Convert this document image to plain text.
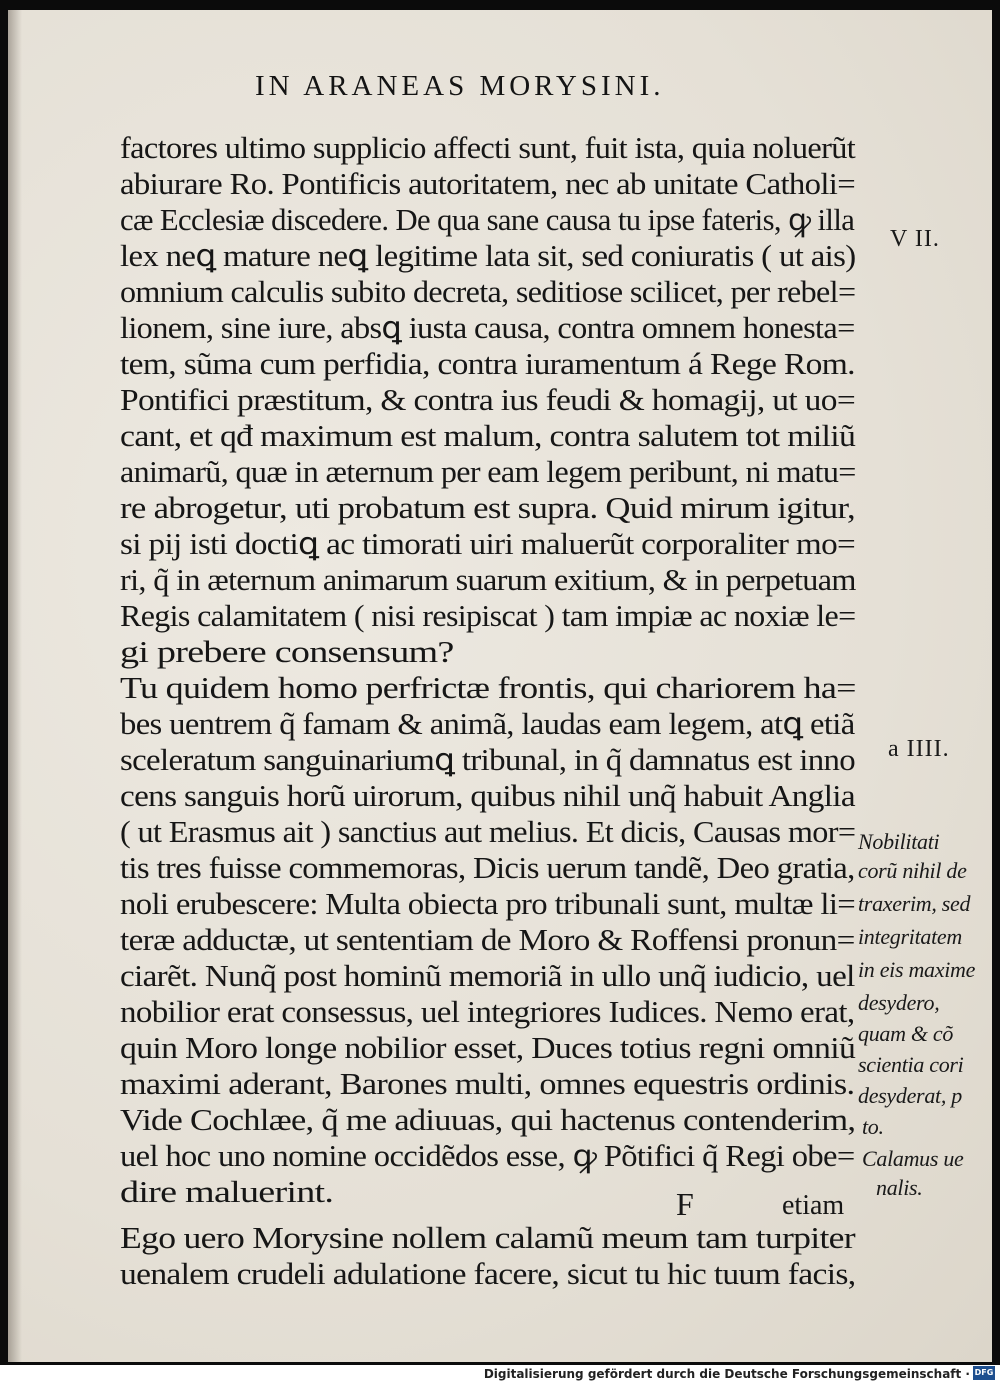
IN ARANEAS MORYSINI.
factores ultimo supplicio affecti sunt, fuit ista, quia noluerũt
abiurare Ro. Pontificis autoritatem, nec ab unitate Catholi=
cæ Ecclesiæ discedere. De qua sane causa tu ipse fateris, ꝙ illa
lex neꝗ mature neꝗ legitime lata sit, sed coniuratis ( ut ais)
omnium calculis subito decreta, seditiose scilicet, per rebel=
lionem, sine iure, absꝗ iusta causa, contra omnem honesta=
tem, sũma cum perfidia, contra iuramentum á Rege Rom.
Pontifici præstitum, & contra ius feudi & homagij, ut uo=
cant, et qđ maximum est malum, contra salutem tot miliũ
animarũ, quæ in æternum per eam legem peribunt, ni matu=
re abrogetur, uti probatum est supra. Quid mirum igitur,
si pij isti doctiꝗ ac timorati uiri maluerũt corporaliter mo=
ri, q̃ in æternum animarum suarum exitium, & in perpetuam
Regis calamitatem ( nisi resipiscat ) tam impiæ ac noxiæ le=
gi prebere consensum?
Tu quidem homo perfrictæ frontis, qui chariorem ha=
bes uentrem q̃ famam & animã, laudas eam legem, atꝗ etiã
sceleratum sanguinariumꝗ tribunal, in q̃ damnatus est inno
cens sanguis horũ uirorum, quibus nihil unq̃ habuit Anglia
( ut Erasmus ait ) sanctius aut melius. Et dicis, Causas mor=
tis tres fuisse commemoras, Dicis uerum tandẽ, Deo gratia,
noli erubescere: Multa obiecta pro tribunali sunt, multæ li=
teræ adductæ, ut sententiam de Moro & Roffensi pronun=
ciarẽt. Nunq̃ post hominũ memoriã in ullo unq̃ iudicio, uel
nobilior erat consessus, uel integriores Iudices. Nemo erat,
quin Moro longe nobilior esset, Duces totius regni omniũ
maximi aderant, Barones multi, omnes equestris ordinis.
Vide Cochlæe, q̃ me adiuuas, qui hactenus contenderim,
uel hoc uno nomine occidẽdos esse, ꝙ Põtifici q̃ Regi obe=
dire maluerint.
Ego uero Morysine nollem calamũ meum tam turpiter
uenalem crudeli adulatione facere, sicut tu hic tuum facis,
V II.
a IIII.
Nobilitati
corũ nihil de
traxerim, sed
integritatem
in eis maxime
desydero,
quam & cõ
scientia cori
desyderat, p
to.
Calamus ue
nalis.
F	etiam
Digitalisierung gefördert durch die Deutsche Forschungsgemeinschaft · DFG
